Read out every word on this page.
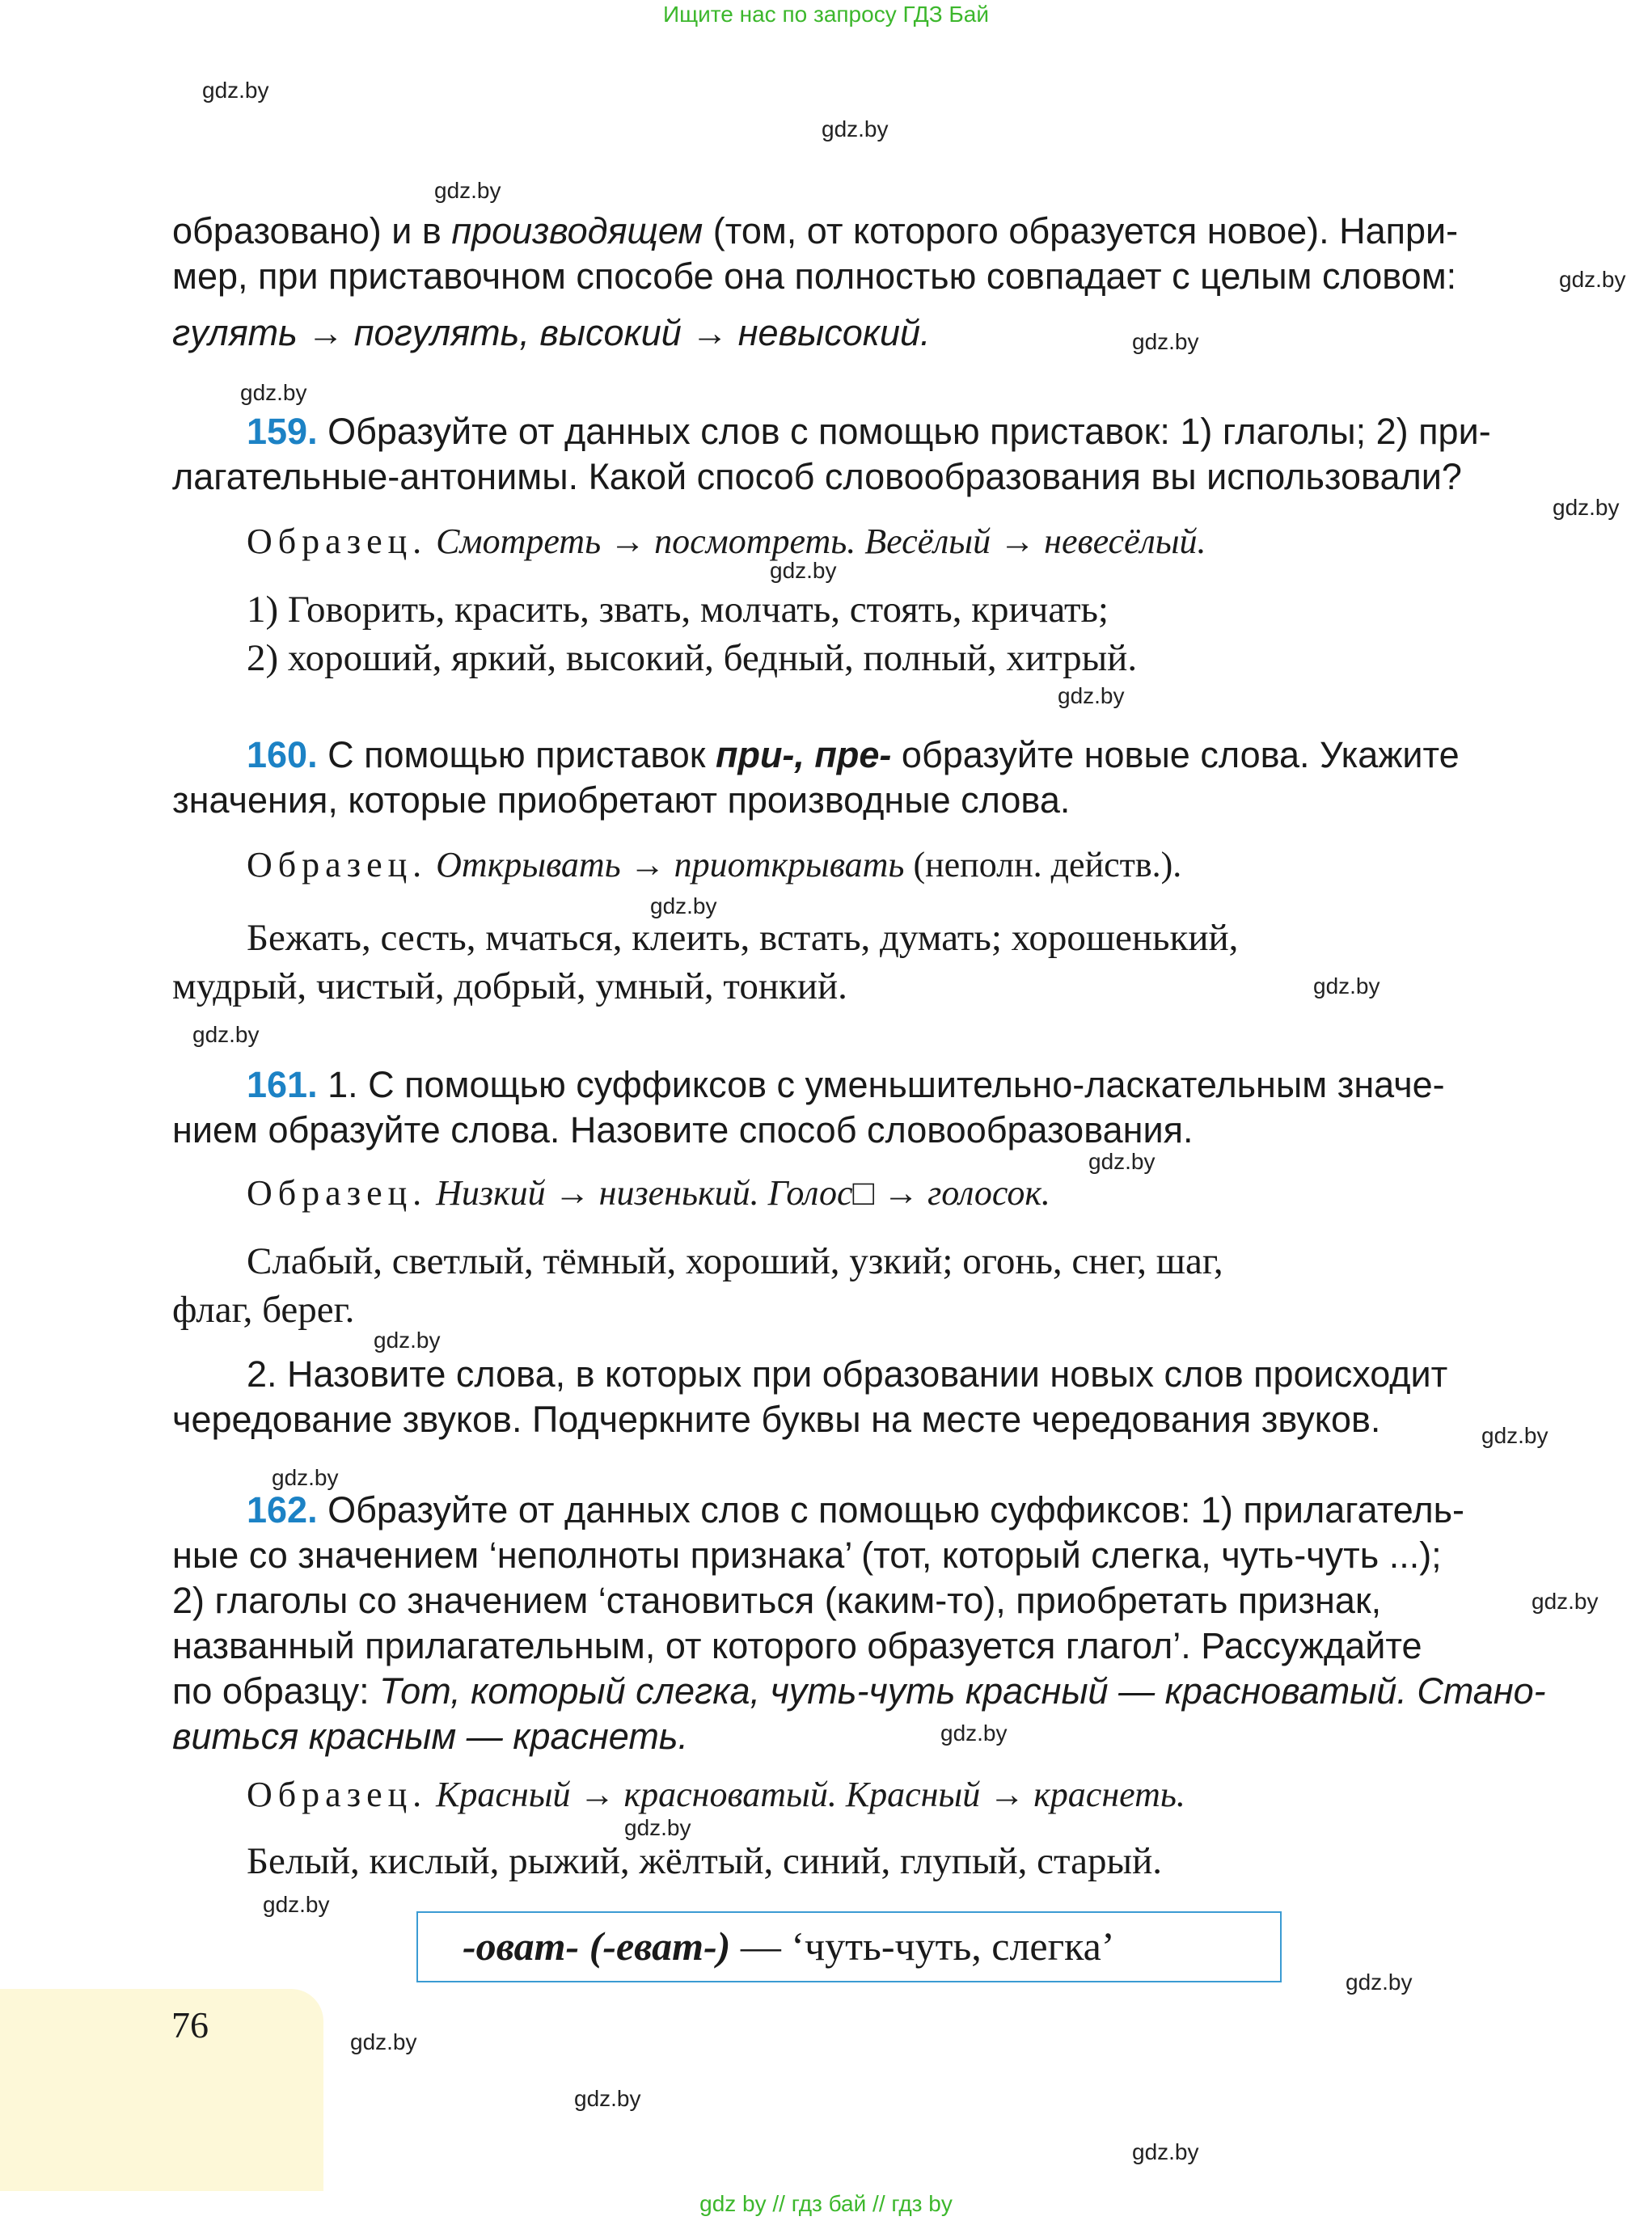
Ищите нас по запросу ГДЗ Бай
gdz.by
gdz.by
gdz.by
gdz.by
gdz.by
gdz.by
gdz.by
gdz.by
gdz.by
gdz.by
gdz.by
gdz.by
gdz.by
gdz.by
gdz.by
gdz.by
gdz.by
gdz.by
gdz.by
gdz.by
gdz.by
gdz.by
gdz.by
gdz.by
образовано) и в производящем (том, от которого образуется новое). Напри-
мер, при приставочном способе она полностью совпадает с целым словом:
гулять → погулять, высокий → невысокий.
159. Образуйте от данных слов с помощью приставок: 1) глаголы; 2) при-
лагательные-антонимы. Какой способ словообразования вы использовали?
Образец. Смотреть → посмотреть. Весёлый → невесёлый.
1) Говорить, красить, звать, молчать, стоять, кричать;
2) хороший, яркий, высокий, бедный, полный, хитрый.
160. С помощью приставок при-, пре- образуйте новые слова. Укажите
значения, которые приобретают производные слова.
Образец. Открывать → приоткрывать (неполн. действ.).
Бежать, сесть, мчаться, клеить, встать, думать; хорошенький,
мудрый, чистый, добрый, умный, тонкий.
161. 1. С помощью суффиксов с уменьшительно-ласкательным значе-
нием образуйте слова. Назовите способ словообразования.
Образец. Низкий → низенький. Голос□ → голосок.
Слабый, светлый, тёмный, хороший, узкий; огонь, снег, шаг,
флаг, берег.
2. Назовите слова, в которых при образовании новых слов происходит
чередование звуков. Подчеркните буквы на месте чередования звуков.
162. Образуйте от данных слов с помощью суффиксов: 1) прилагатель-
ные со значением ‘неполноты признака’ (тот, который слегка, чуть-чуть ...);
2) глаголы со значением ‘становиться (каким-то), приобретать признак,
названный прилагательным, от которого образуется глагол’. Рассуждайте
по образцу: Тот, который слегка, чуть-чуть красный — красноватый. Стано-
виться красным — краснеть.
Образец. Красный → красноватый. Красный → краснеть.
Белый, кислый, рыжий, жёлтый, синий, глупый, старый.
-оват- (-еват-) — ‘чуть-чуть, слегка’
76
gdz by // гдз бай // гдз by
